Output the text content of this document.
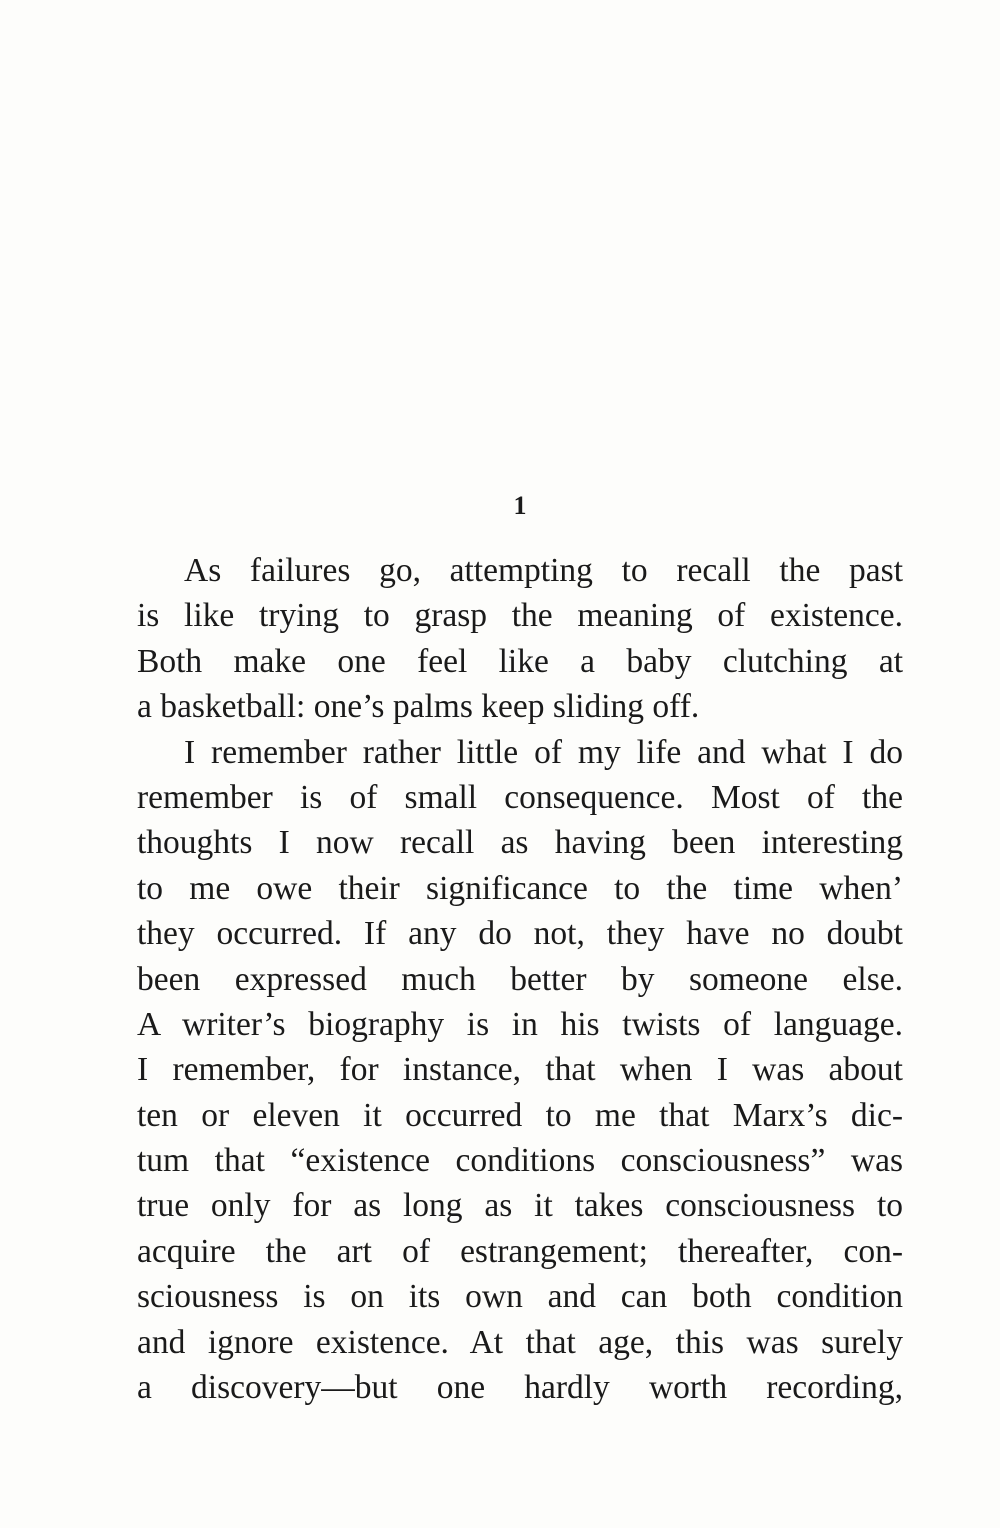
1
As failures go, attempting to recall the past
is like trying to grasp the meaning of existence.
Both make one feel like a baby clutching at
a basketball: one’s palms keep sliding off.
I remember rather little of my life and what I do
remember is of small consequence. Most of the
thoughts I now recall as having been interesting
to me owe their significance to the time when’
they occurred. If any do not, they have no doubt
been expressed much better by someone else.
A writer’s biography is in his twists of language.
I remember, for instance, that when I was about
ten or eleven it occurred to me that Marx’s dic-
tum that “existence conditions consciousness” was
true only for as long as it takes consciousness to
acquire the art of estrangement; thereafter, con-
sciousness is on its own and can both condition
and ignore existence. At that age, this was surely
a discovery—but one hardly worth recording,
